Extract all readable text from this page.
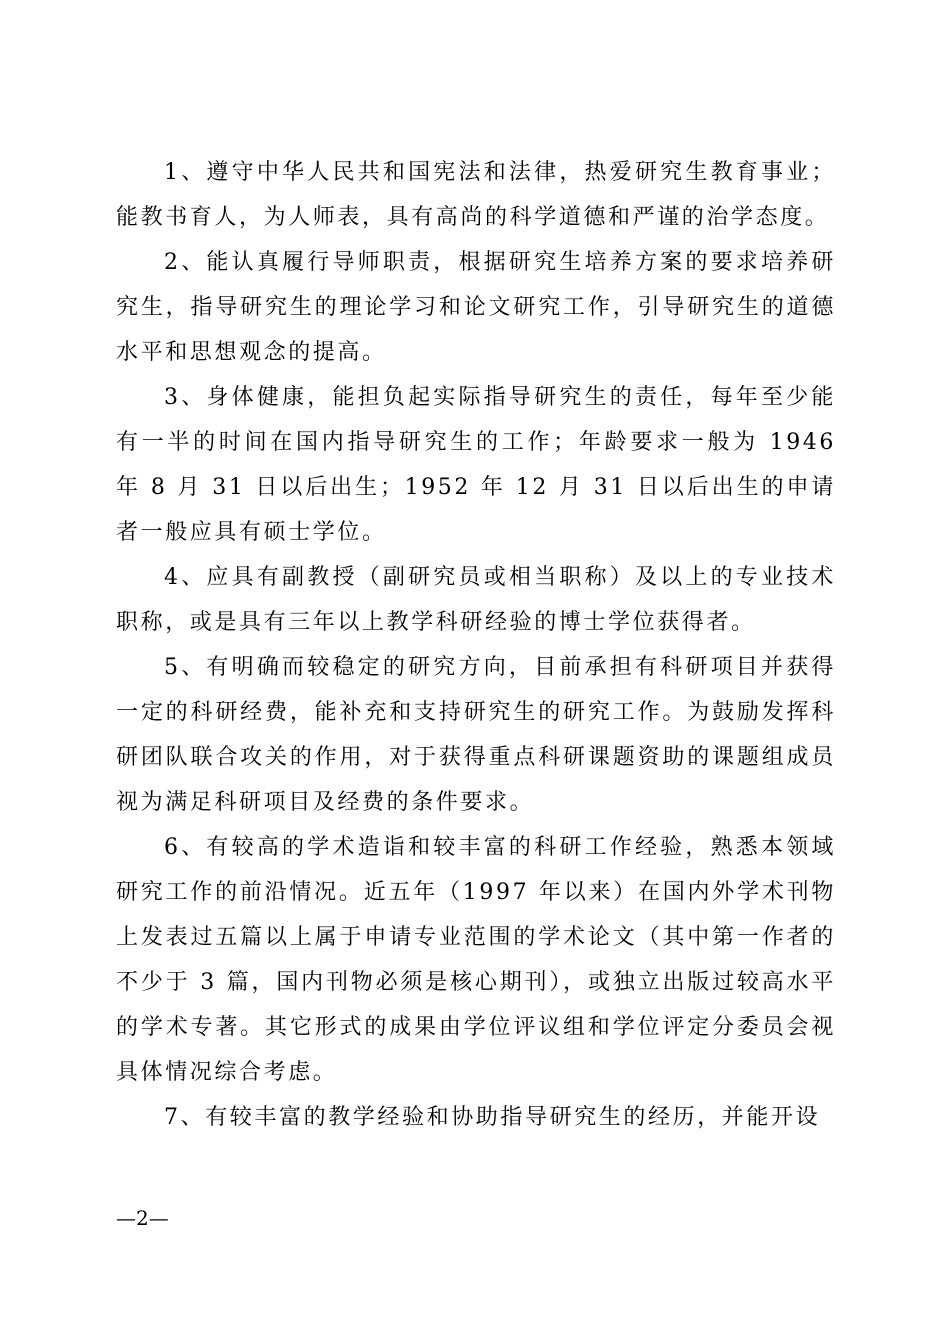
1、遵守中华人民共和国宪法和法律，热爱研究生教育事业；能教书育人，为人师表，具有高尚的科学道德和严谨的治学态度。

2、能认真履行导师职责，根据研究生培养方案的要求培养研究生，指导研究生的理论学习和论文研究工作，引导研究生的道德水平和思想观念的提高。

3、身体健康，能担负起实际指导研究生的责任，每年至少能有一半的时间在国内指导研究生的工作；年龄要求一般为 1946 年 8 月 31 日以后出生；1952 年 12 月 31 日以后出生的申请者一般应具有硕士学位。

4、应具有副教授（副研究员或相当职称）及以上的专业技术职称，或是具有三年以上教学科研经验的博士学位获得者。

5、有明确而较稳定的研究方向，目前承担有科研项目并获得一定的科研经费，能补充和支持研究生的研究工作。为鼓励发挥科研团队联合攻关的作用，对于获得重点科研课题资助的课题组成员视为满足科研项目及经费的条件要求。

6、有较高的学术造诣和较丰富的科研工作经验，熟悉本领域研究工作的前沿情况。近五年（1997 年以来）在国内外学术刊物上发表过五篇以上属于申请专业范围的学术论文（其中第一作者的不少于 3 篇，国内刊物必须是核心期刊），或独立出版过较高水平的学术专著。其它形式的成果由学位评议组和学位评定分委员会视具体情况综合考虑。

7、有较丰富的教学经验和协助指导研究生的经历，并能开设

—2—
